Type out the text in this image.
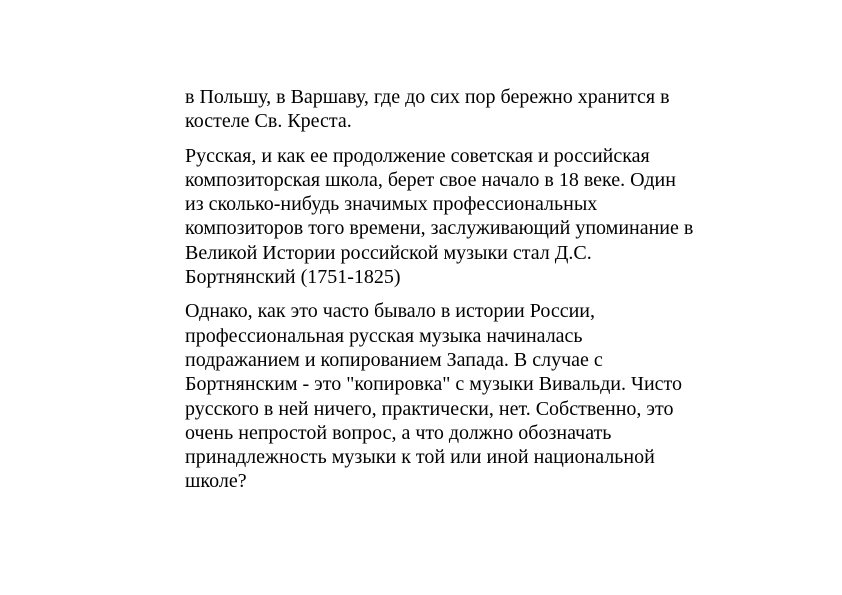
в Польшу, в Варшаву, где до сих пор бережно хранится в
костеле Св. Креста.

Русская, и как ее продолжение советская и российская
композиторская школа, берет свое начало в 18 веке. Один
из сколько-нибудь значимых профессиональных
композиторов того времени, заслуживающий упоминание в
Великой Истории российской музыки стал Д.С.
Бортнянский (1751-1825)

Однако, как это часто бывало в истории России,
профессиональная русская музыка начиналась
подражанием и копированием Запада. В случае с
Бортнянским - это "копировка" с музыки Вивальди. Чисто
русского в ней ничего, практически, нет. Собственно, это
очень непростой вопрос, а что должно обозначать
принадлежность музыки к той или иной национальной
школе?
